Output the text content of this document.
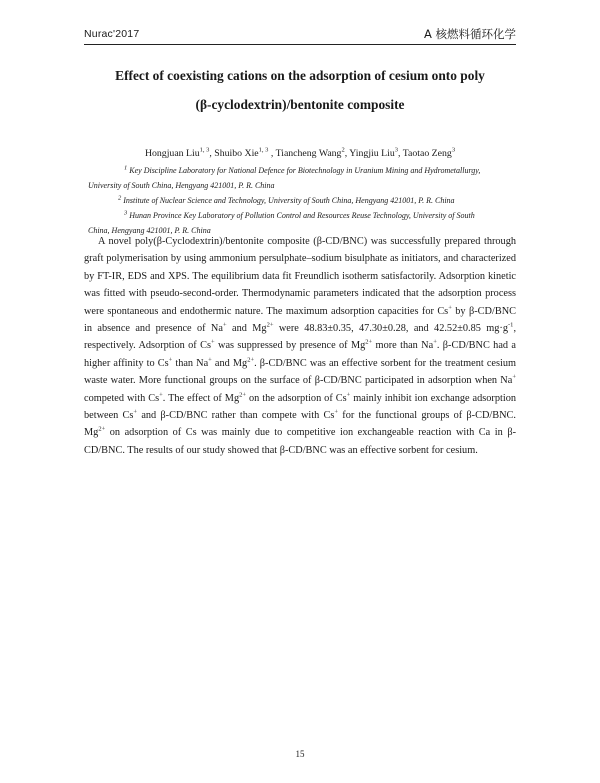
Nurac'2017	A 核燃料循环化学
Effect of coexisting cations on the adsorption of cesium onto poly
(β-cyclodextrin)/bentonite composite

Hongjuan Liu$^{1, 3}$, Shuibo Xie$^{1, 3}$ , Tiancheng Wang$^2$, Yingjiu Liu$^3$, Taotao Zeng$^3$

$^1$ Key Discipline Laboratory for National Defence for Biotechnology in Uranium Mining and Hydrometallurgy,
University of South China, Hengyang 421001, P. R. China

$^2$ Institute of Nuclear Science and Technology, University of South China, Hengyang 421001, P. R. China

$^3$ Hunan Province Key Laboratory of Pollution Control and Resources Reuse Technology, University of South
China, Hengyang 421001, P. R. China

A novel poly(β-Cyclodextrin)/bentonite composite (β-CD/BNC) was successfully prepared through graft polymerisation by using ammonium persulphate–sodium bisulphate as initiators, and characterized by FT-IR, EDS and XPS. The equilibrium data fit Freundlich isotherm satisfactorily. Adsorption kinetic was fitted with pseudo-second-order. Thermodynamic parameters indicated that the adsorption process were spontaneous and endothermic nature. The maximum adsorption capacities for Cs+ by β-CD/BNC in absence and presence of Na+ and $Mg^{2+}$ were 48.83±0.35, 47.30±0.28, and 42.52±0.85 $mg\cdot g^{-1}$, respectively. Adsorption of Cs+ was suppressed by presence of $Mg^{2+}$ more than Na+. β-CD/BNC had a higher affinity to Cs+ than Na+ and $Mg^{2+}$. β-CD/BNC was an effective sorbent for the treatment cesium waste water. More functional groups on the surface of β-CD/BNC participated in adsorption when Na+ competed with Cs+. The effect of $Mg^{2+}$ on the adsorption of Cs+ mainly inhibit ion exchange adsorption between Cs+ and β-CD/BNC rather than compete with Cs+ for the functional groups of β-CD/BNC. $Mg^{2+}$ on adsorption of Cs was mainly due to competitive ion exchangeable reaction with Ca in β-CD/BNC. The results of our study showed that β-CD/BNC was an effective sorbent for cesium.

15
